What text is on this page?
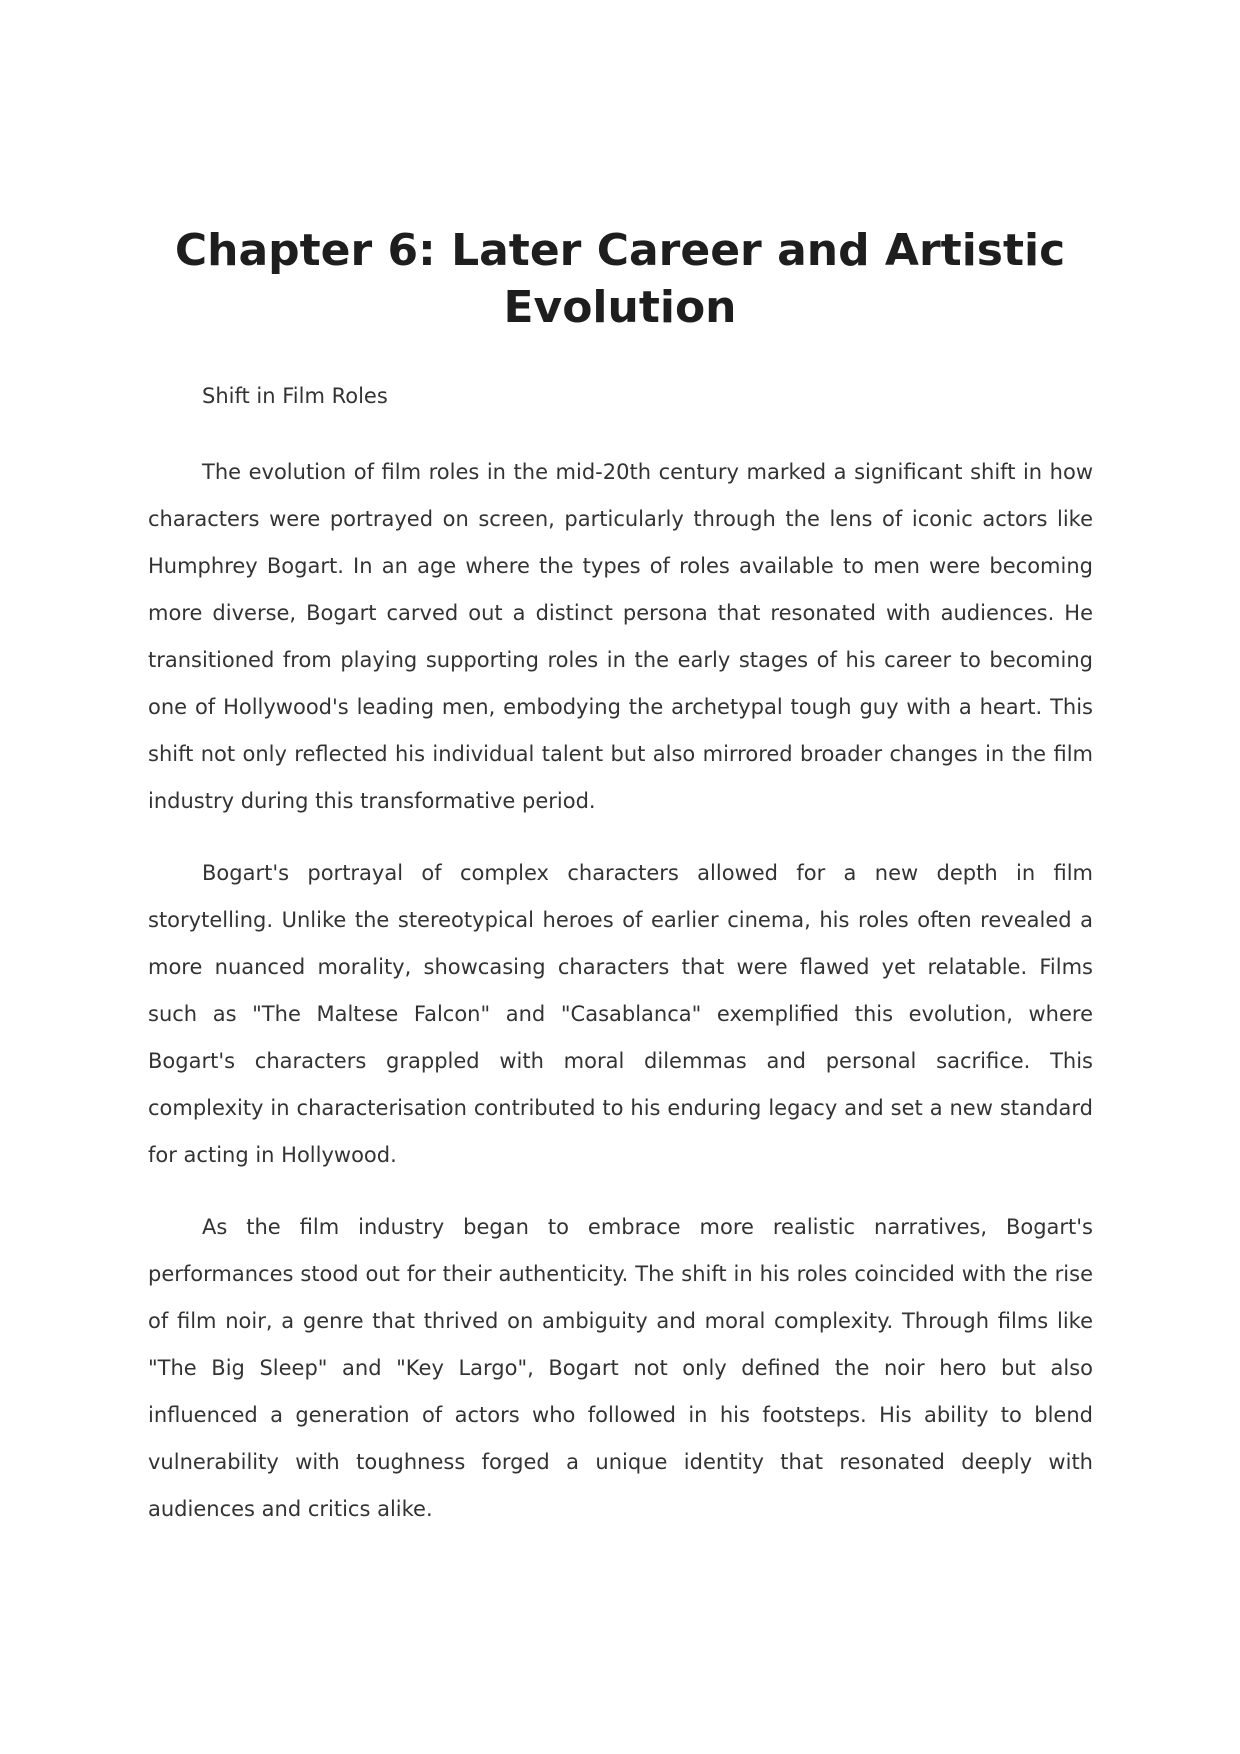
Chapter 6: Later Career and Artistic Evolution

Shift in Film Roles

The evolution of film roles in the mid-20th century marked a significant shift in how characters were portrayed on screen, particularly through the lens of iconic actors like Humphrey Bogart. In an age where the types of roles available to men were becoming more diverse, Bogart carved out a distinct persona that resonated with audiences. He transitioned from playing supporting roles in the early stages of his career to becoming one of Hollywood's leading men, embodying the archetypal tough guy with a heart. This shift not only reflected his individual talent but also mirrored broader changes in the film industry during this transformative period.

Bogart's portrayal of complex characters allowed for a new depth in film storytelling. Unlike the stereotypical heroes of earlier cinema, his roles often revealed a more nuanced morality, showcasing characters that were flawed yet relatable. Films such as "The Maltese Falcon" and "Casablanca" exemplified this evolution, where Bogart's characters grappled with moral dilemmas and personal sacrifice. This complexity in characterisation contributed to his enduring legacy and set a new standard for acting in Hollywood.

As the film industry began to embrace more realistic narratives, Bogart's performances stood out for their authenticity. The shift in his roles coincided with the rise of film noir, a genre that thrived on ambiguity and moral complexity. Through films like "The Big Sleep" and "Key Largo", Bogart not only defined the noir hero but also influenced a generation of actors who followed in his footsteps. His ability to blend vulnerability with toughness forged a unique identity that resonated deeply with audiences and critics alike.
